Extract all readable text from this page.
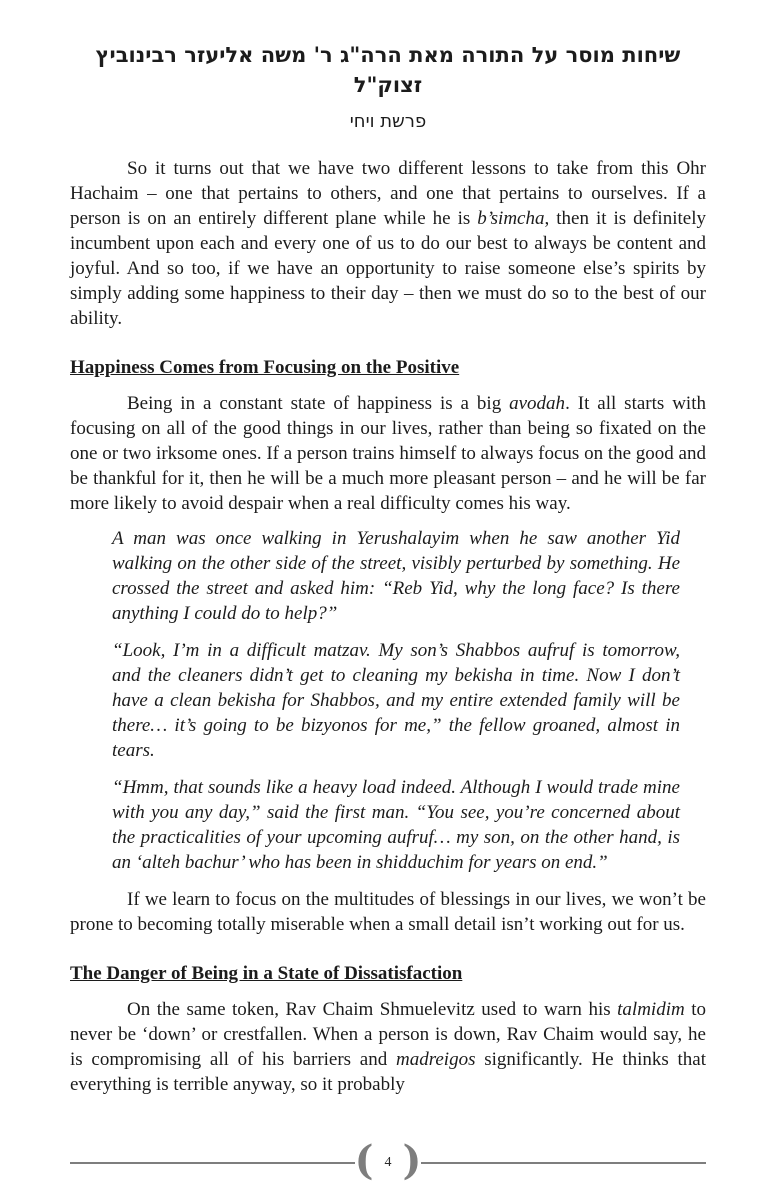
שיחות מוסר על התורה מאת הרה"ג ר' משה אליעזר רבינוביץ זצוק"ל
פרשת ויחי

So it turns out that we have two different lessons to take from this Ohr Hachaim – one that pertains to others, and one that pertains to ourselves. If a person is on an entirely different plane while he is b’simcha, then it is definitely incumbent upon each and every one of us to do our best to always be content and joyful. And so too, if we have an opportunity to raise someone else’s spirits by simply adding some happiness to their day – then we must do so to the best of our ability.

Happiness Comes from Focusing on the Positive

Being in a constant state of happiness is a big avodah. It all starts with focusing on all of the good things in our lives, rather than being so fixated on the one or two irksome ones. If a person trains himself to always focus on the good and be thankful for it, then he will be a much more pleasant person – and he will be far more likely to avoid despair when a real difficulty comes his way.

A man was once walking in Yerushalayim when he saw another Yid walking on the other side of the street, visibly perturbed by something. He crossed the street and asked him: “Reb Yid, why the long face? Is there anything I could do to help?”

“Look, I’m in a difficult matzav. My son’s Shabbos aufruf is tomorrow, and the cleaners didn’t get to cleaning my bekisha in time. Now I don’t have a clean bekisha for Shabbos, and my entire extended family will be there… it’s going to be bizyonos for me,” the fellow groaned, almost in tears.

“Hmm, that sounds like a heavy load indeed. Although I would trade mine with you any day,” said the first man. “You see, you’re concerned about the practicalities of your upcoming aufruf… my son, on the other hand, is an ‘alteh bachur’ who has been in shidduchim for years on end.”

If we learn to focus on the multitudes of blessings in our lives, we won’t be prone to becoming totally miserable when a small detail isn’t working out for us.

The Danger of Being in a State of Dissatisfaction

On the same token, Rav Chaim Shmuelevitz used to warn his talmidim to never be ‘down’ or crestfallen. When a person is down, Rav Chaim would say, he is compromising all of his barriers and madreigos significantly. He thinks that everything is terrible anyway, so it probably

( 4 )
